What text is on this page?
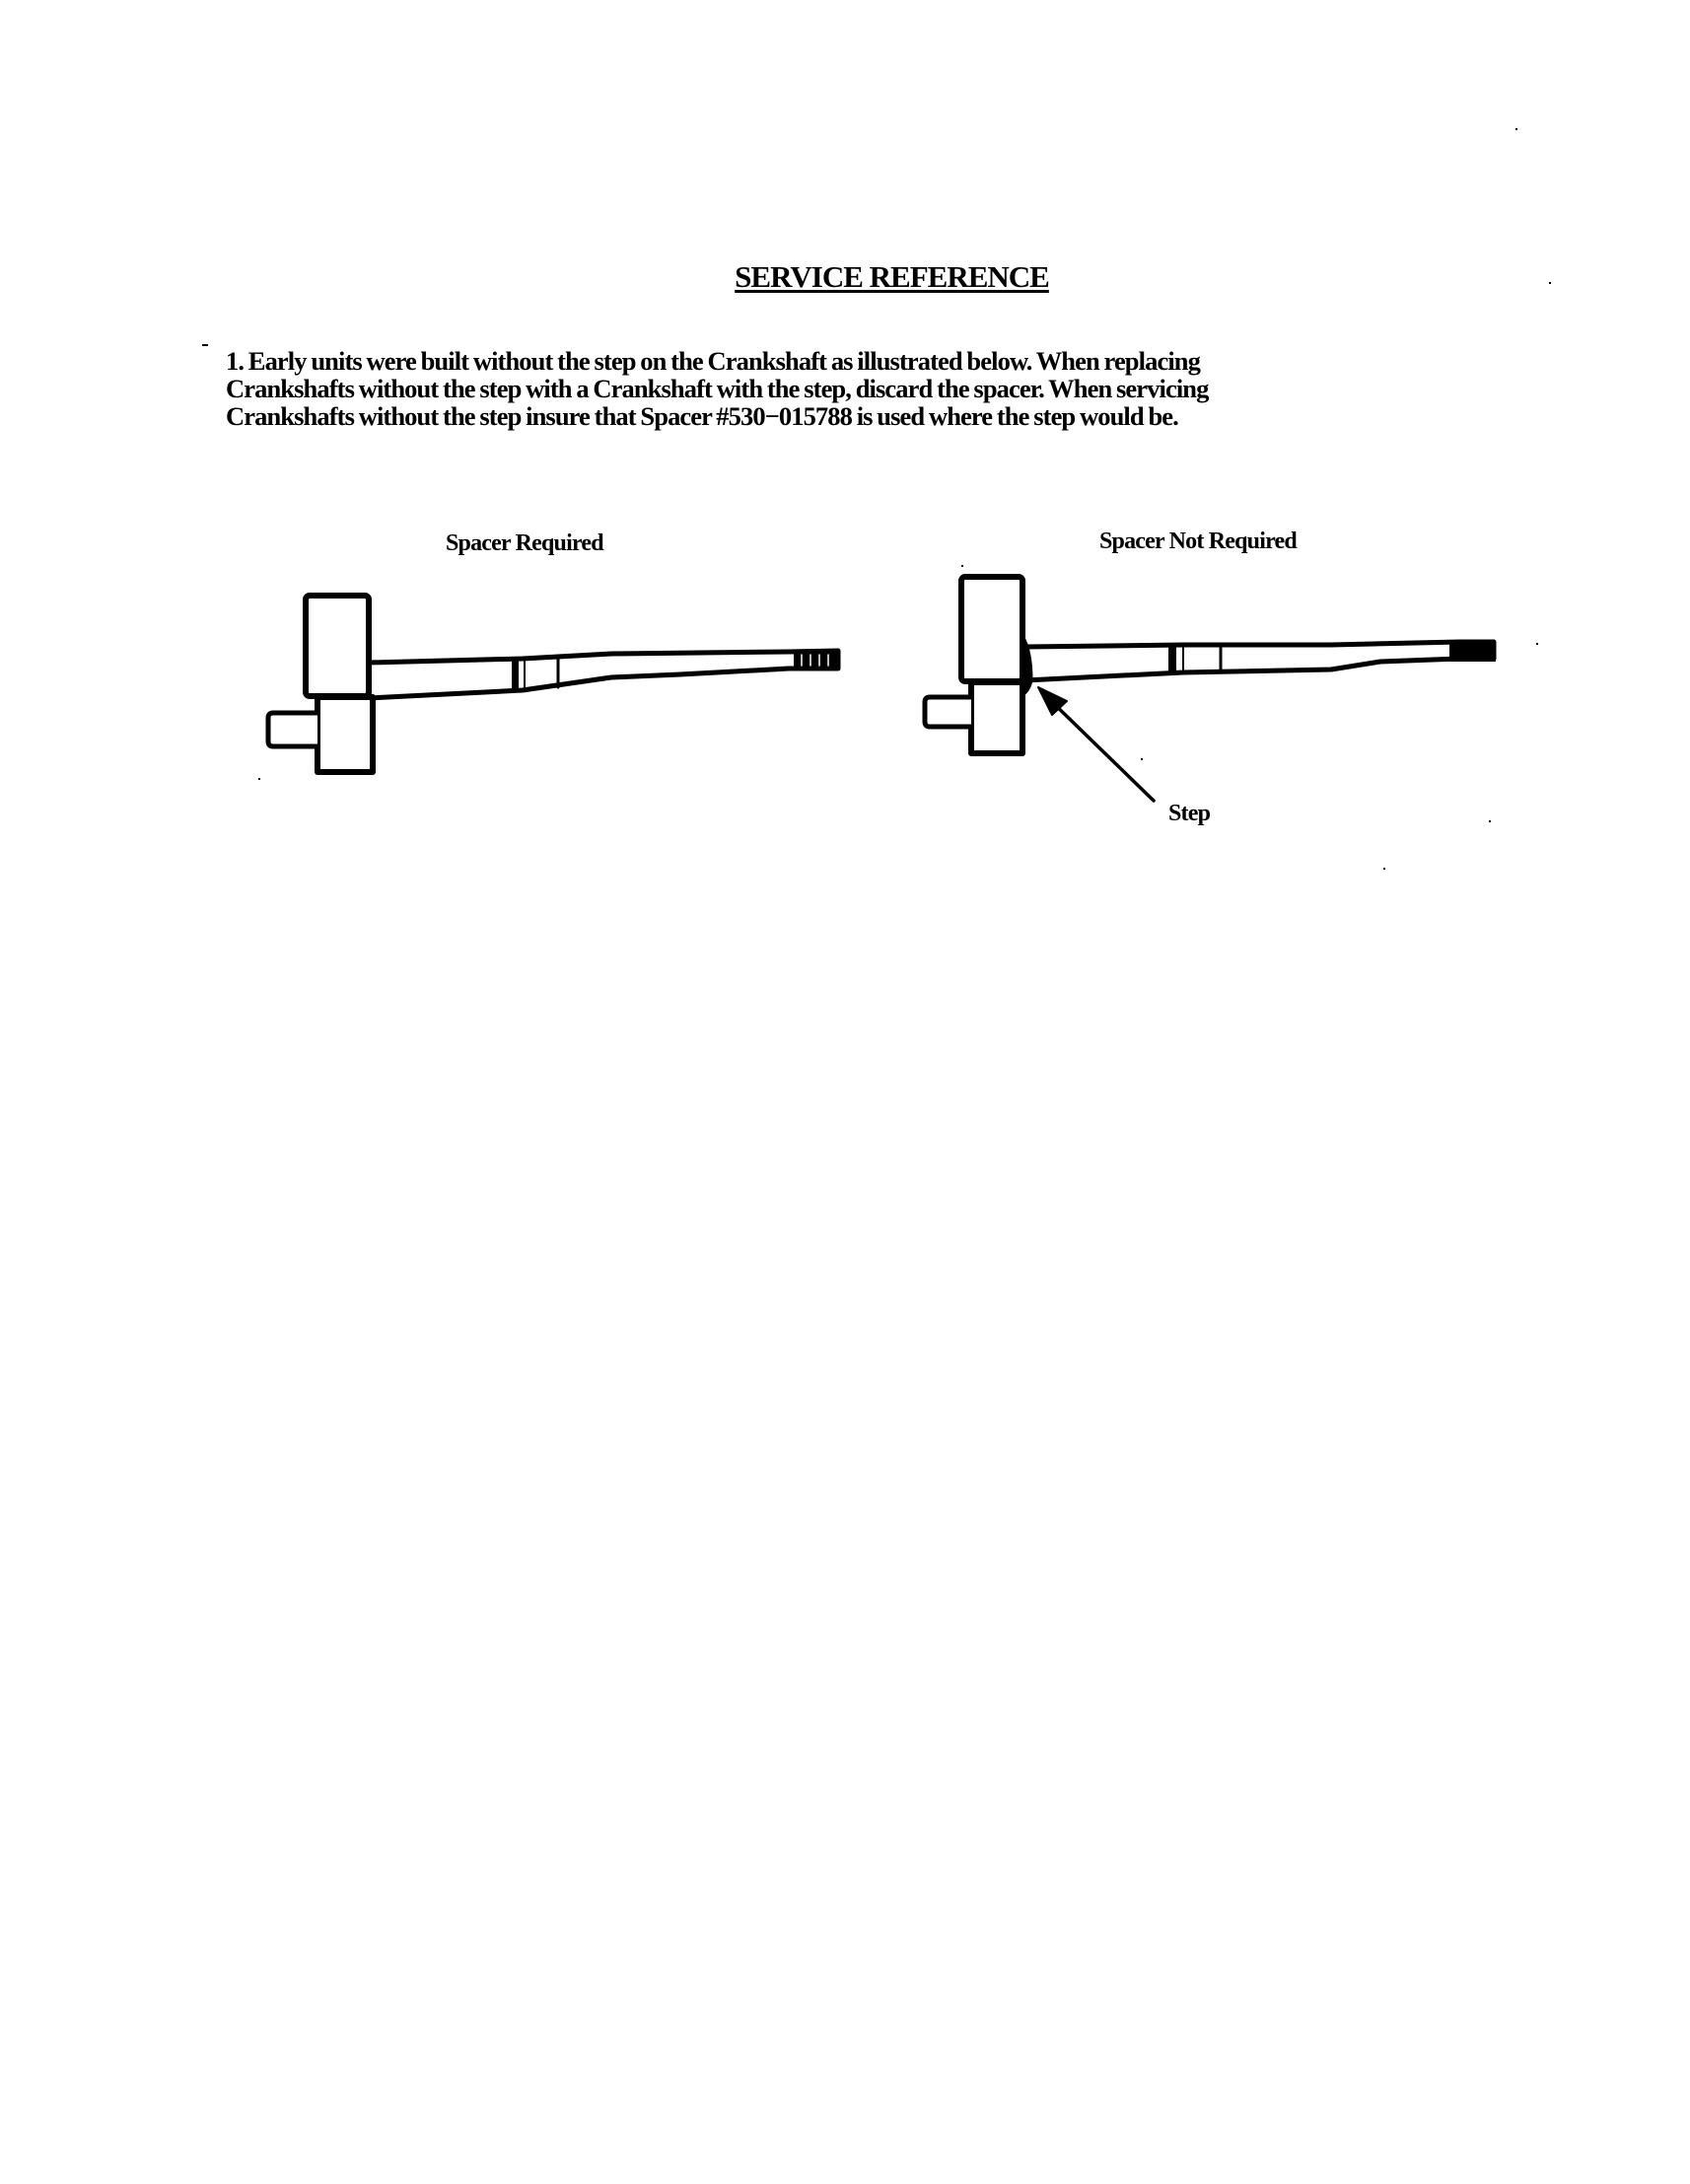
SERVICE REFERENCE

1. Early units were built without the step on the Crankshaft as illustrated below. When replacing
Crankshafts without the step with a Crankshaft with the step, discard the spacer. When servicing
Crankshafts without the step insure that Spacer #530−015788 is used where the step would be.

Spacer Required	Spacer Not Required

Step
